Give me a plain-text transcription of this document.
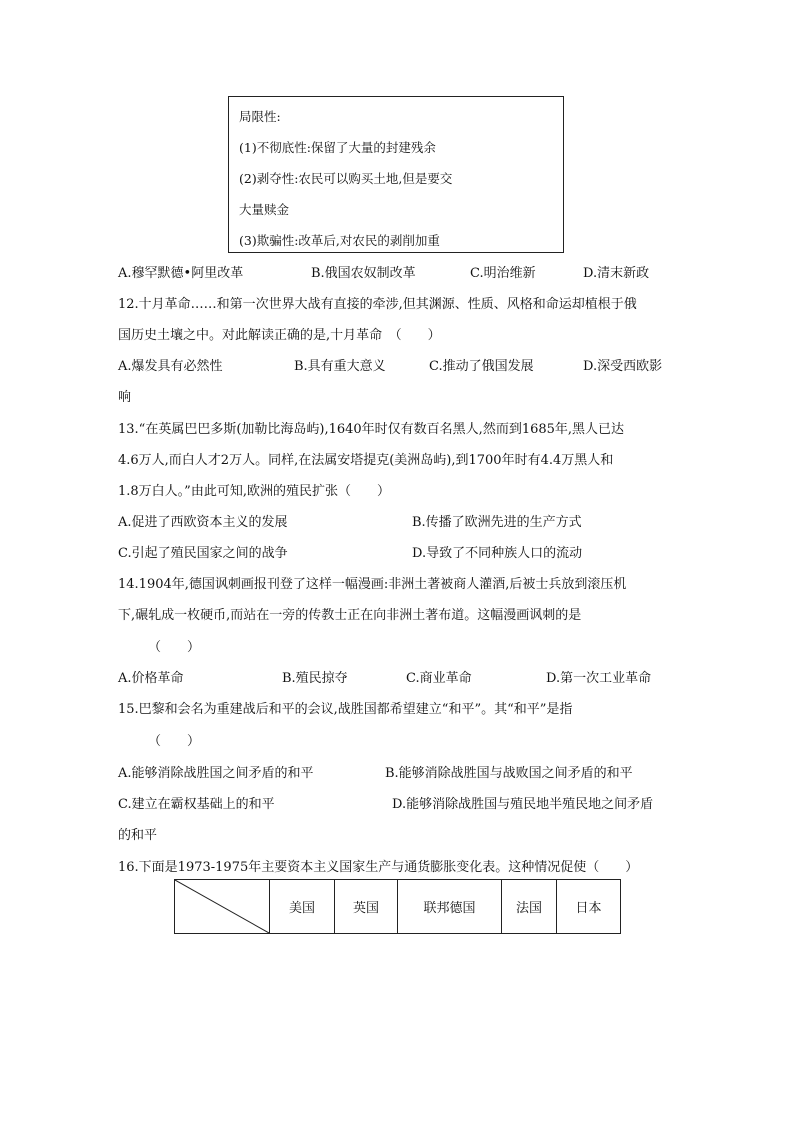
局限性:
(1)不彻底性:保留了大量的封建残余
(2)剥夺性:农民可以购买土地,但是要交
大量赎金
(3)欺骗性:改革后,对农民的剥削加重
A.穆罕默德•阿里改革	B.俄国农奴制改革	C.明治维新	D.清末新政
12.十月革命……和第一次世界大战有直接的牵涉,但其渊源、性质、风格和命运却植根于俄
国历史土壤之中。对此解读正确的是,十月革命　（　　）
A.爆发具有必然性	B.具有重大意义	C.推动了俄国发展	D.深受西欧影
响
13.“在英属巴巴多斯(加勒比海岛屿),1640年时仅有数百名黑人,然而到1685年,黑人已达
4.6万人,而白人才2万人。同样,在法属安塔提克(美洲岛屿),到1700年时有4.4万黑人和
1.8万白人。”由此可知,欧洲的殖民扩张（　　）
A.促进了西欧资本主义的发展	B.传播了欧洲先进的生产方式
C.引起了殖民国家之间的战争	D.导致了不同种族人口的流动
14.1904年,德国讽刺画报刊登了这样一幅漫画:非洲土著被商人灌酒,后被士兵放到滚压机
下,碾轧成一枚硬币,而站在一旁的传教士正在向非洲土著布道。这幅漫画讽刺的是
（　　）
A.价格革命	B.殖民掠夺	C.商业革命	D.第一次工业革命
15.巴黎和会名为重建战后和平的会议,战胜国都希望建立“和平”。其“和平”是指
（　　）
A.能够消除战胜国之间矛盾的和平	B.能够消除战胜国与战败国之间矛盾的和平
C.建立在霸权基础上的和平	D.能够消除战胜国与殖民地半殖民地之间矛盾
的和平
16.下面是1973-1975年主要资本主义国家生产与通货膨胀变化表。这种情况促使（　　）
美国	英国	联邦德国	法国	日本
